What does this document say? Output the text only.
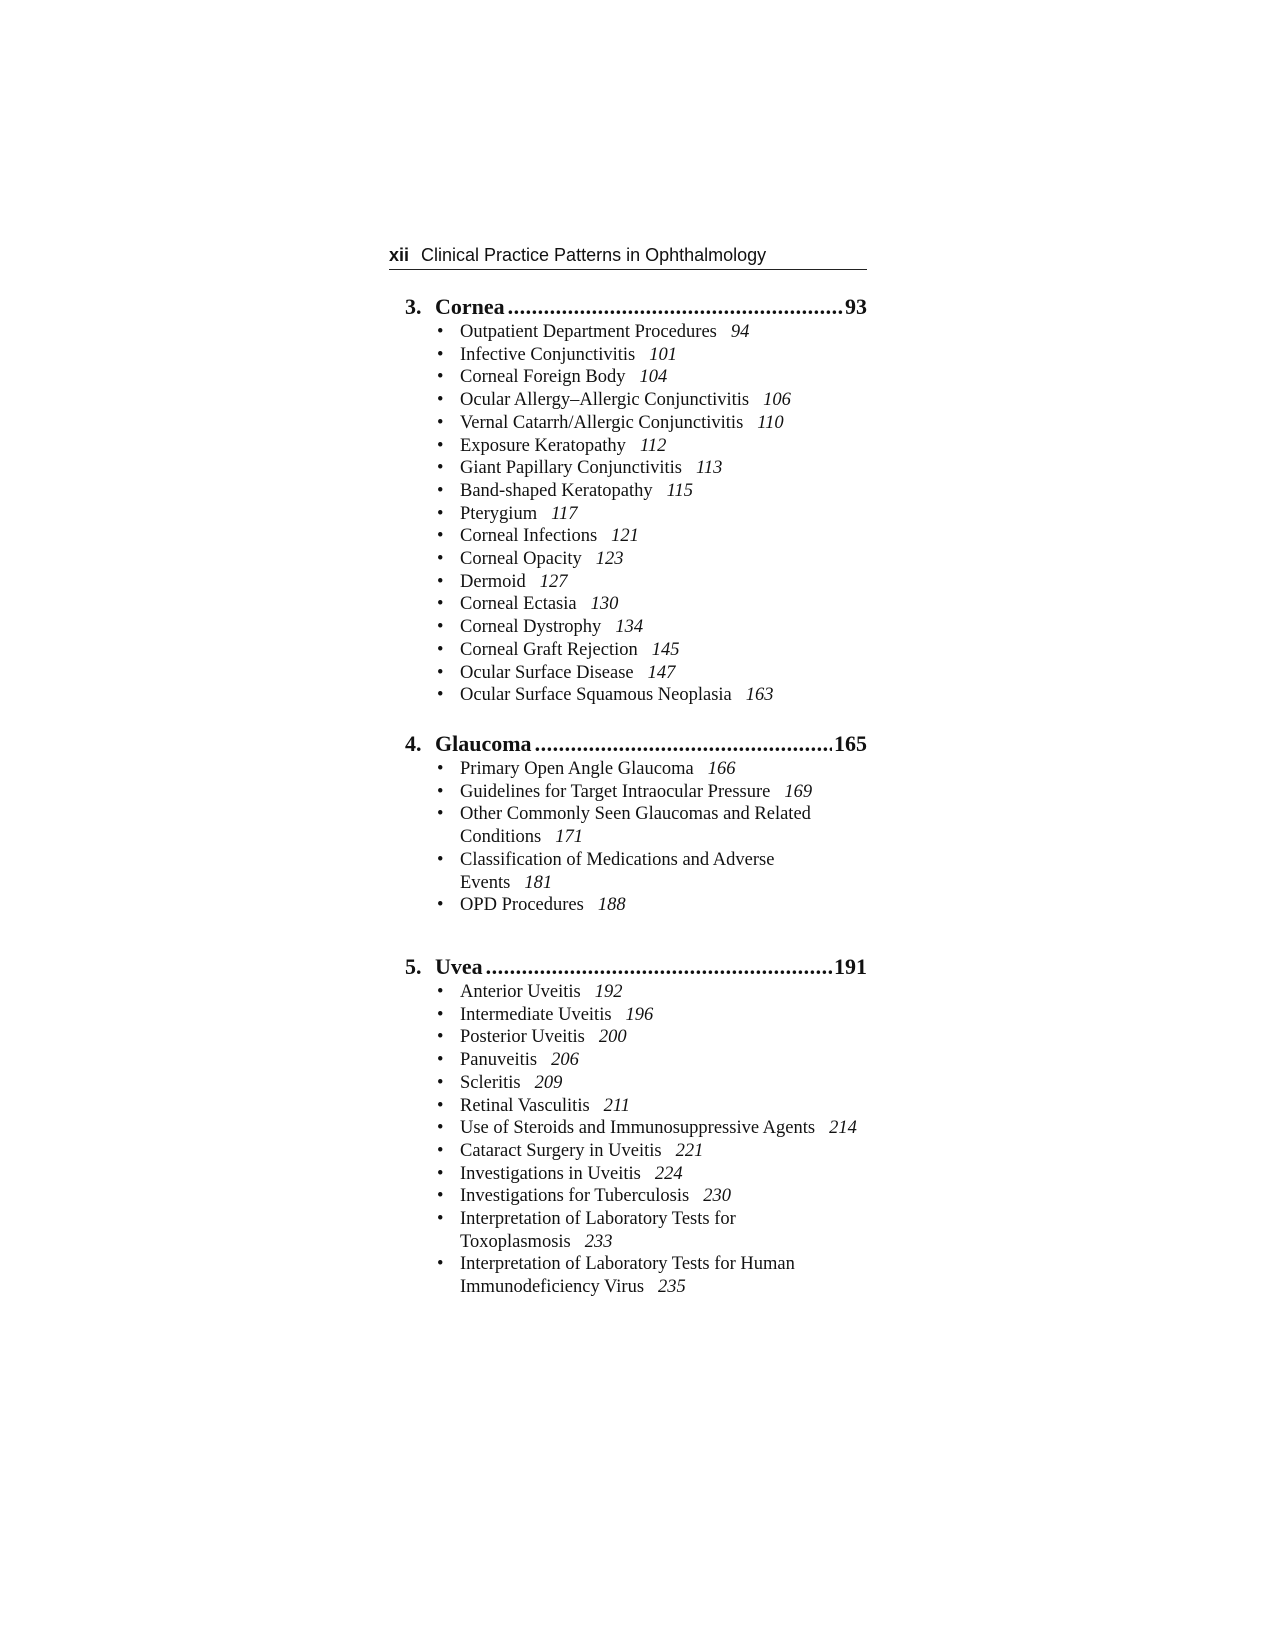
xii Clinical Practice Patterns in Ophthalmology
3. Cornea .....	93
• Outpatient Department Procedures 94
• Infective Conjunctivitis 101
• Corneal Foreign Body 104
• Ocular Allergy–Allergic Conjunctivitis 106
• Vernal Catarrh/Allergic Conjunctivitis 110
• Exposure Keratopathy 112
• Giant Papillary Conjunctivitis 113
• Band-shaped Keratopathy 115
• Pterygium 117
• Corneal Infections 121
• Corneal Opacity 123
• Dermoid 127
• Corneal Ectasia 130
• Corneal Dystrophy 134
• Corneal Graft Rejection 145
• Ocular Surface Disease 147
• Ocular Surface Squamous Neoplasia 163
4. Glaucoma .....	165
• Primary Open Angle Glaucoma 166
• Guidelines for Target Intraocular Pressure 169
• Other Commonly Seen Glaucomas and Related Conditions 171
• Classification of Medications and Adverse Events 181
• OPD Procedures 188
5. Uvea .....	191
• Anterior Uveitis 192
• Intermediate Uveitis 196
• Posterior Uveitis 200
• Panuveitis 206
• Scleritis 209
• Retinal Vasculitis 211
• Use of Steroids and Immunosuppressive Agents 214
• Cataract Surgery in Uveitis 221
• Investigations in Uveitis 224
• Investigations for Tuberculosis 230
• Interpretation of Laboratory Tests for Toxoplasmosis 233
• Interpretation of Laboratory Tests for Human Immunodeficiency Virus 235
